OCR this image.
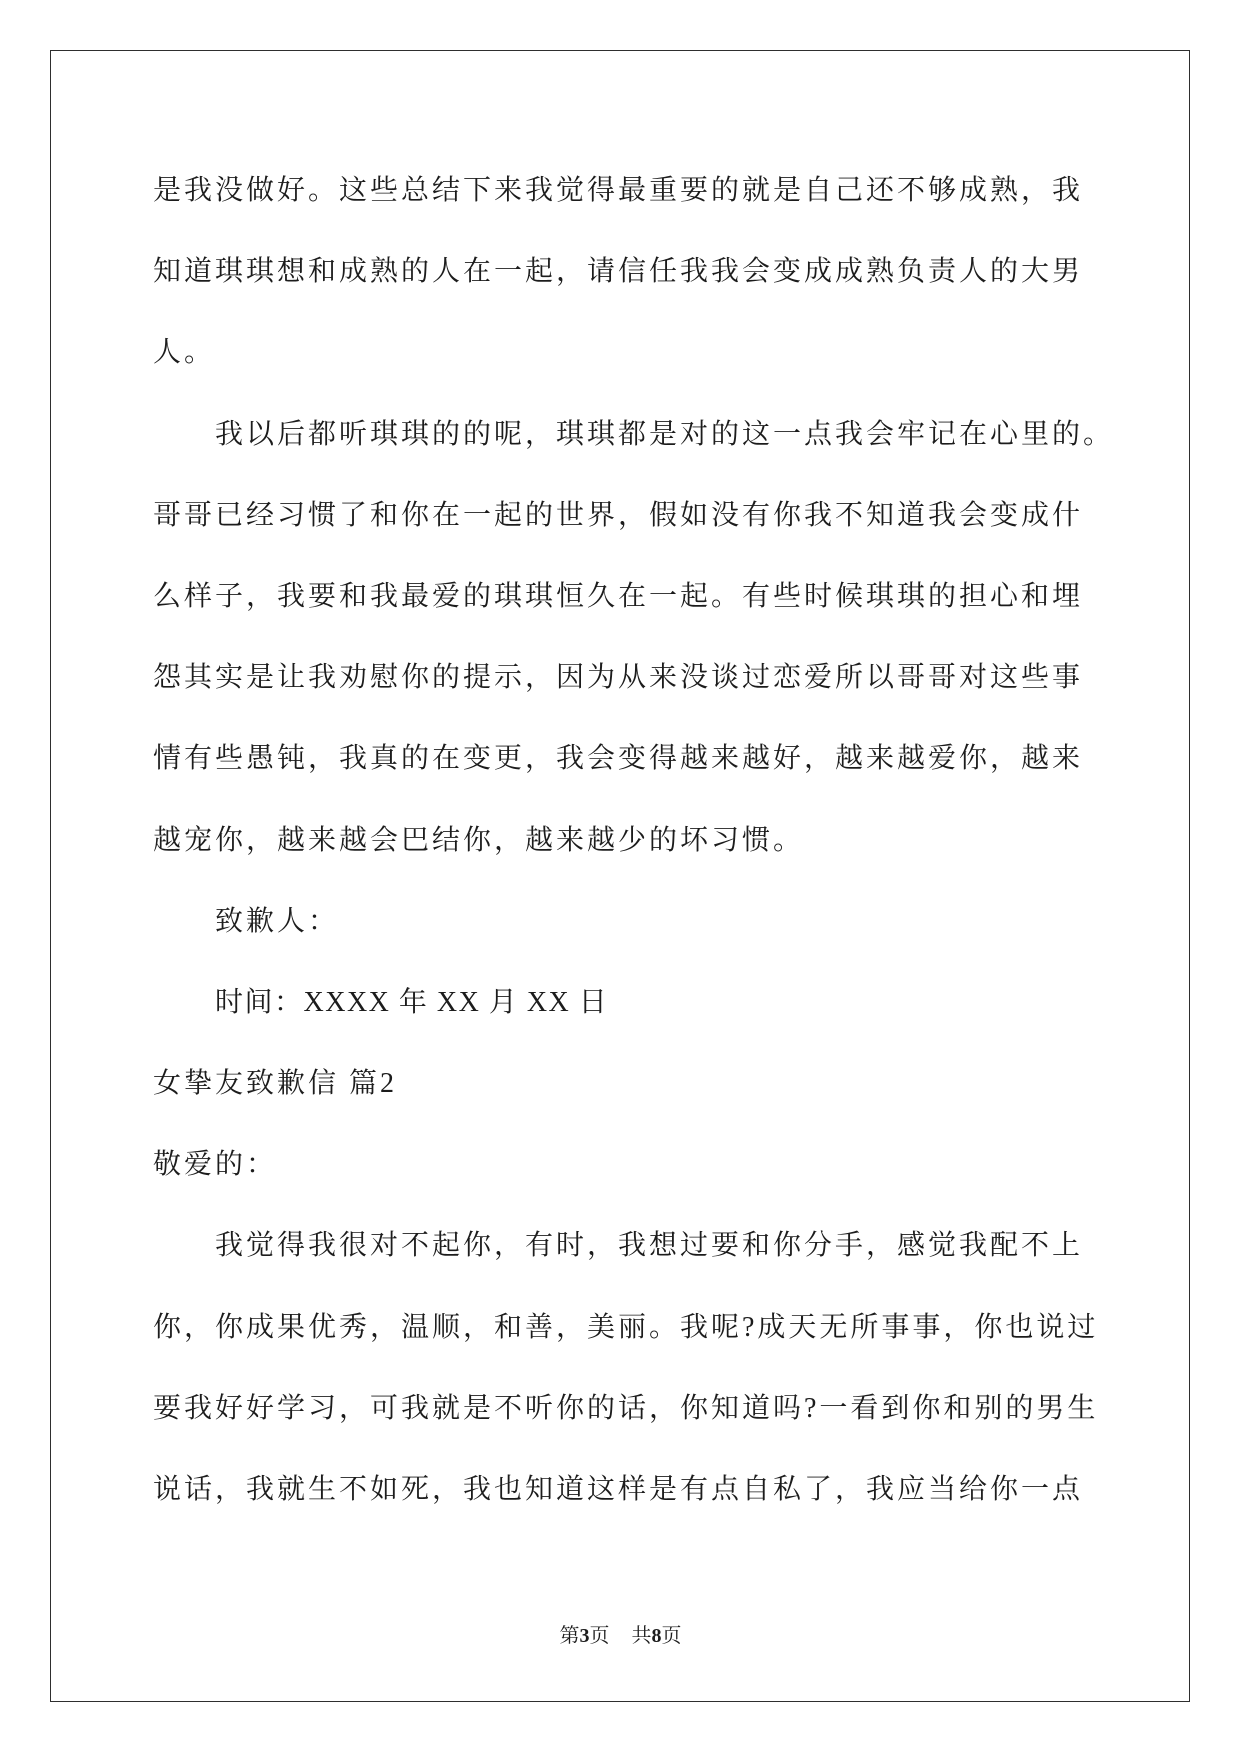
是我没做好。这些总结下来我觉得最重要的就是自己还不够成熟，我
知道琪琪想和成熟的人在一起，请信任我我会变成成熟负责人的大男
人。
我以后都听琪琪的的呢，琪琪都是对的这一点我会牢记在心里的。
哥哥已经习惯了和你在一起的世界，假如没有你我不知道我会变成什
么样子，我要和我最爱的琪琪恒久在一起。有些时候琪琪的担心和埋
怨其实是让我劝慰你的提示，因为从来没谈过恋爱所以哥哥对这些事
情有些愚钝，我真的在变更，我会变得越来越好，越来越爱你，越来
越宠你，越来越会巴结你，越来越少的坏习惯。
致歉人：
时间：XXXX 年 XX 月 XX 日
女挚友致歉信 篇2
敬爱的：
我觉得我很对不起你，有时，我想过要和你分手，感觉我配不上
你，你成果优秀，温顺，和善，美丽。我呢?成天无所事事，你也说过
要我好好学习，可我就是不听你的话，你知道吗?一看到你和别的男生
说话，我就生不如死，我也知道这样是有点自私了，我应当给你一点
第3页 共8页
